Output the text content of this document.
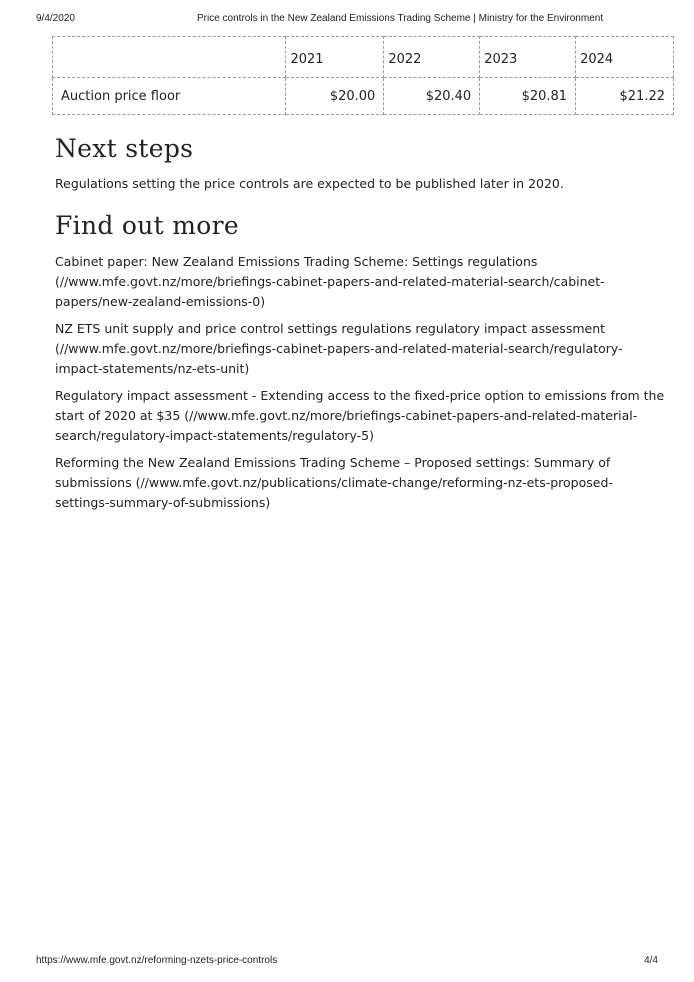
9/4/2020	Price controls in the New Zealand Emissions Trading Scheme | Ministry for the Environment
	2021	2022	2023	2024
Auction price floor	$20.00	$20.40	$20.81	$21.22
Next steps

Regulations setting the price controls are expected to be published later in 2020.

Find out more

Cabinet paper: New Zealand Emissions Trading Scheme: Settings regulations (//www.mfe.govt.nz/more/briefings-cabinet-papers-and-related-material-search/cabinet-papers/new-zealand-emissions-0)

NZ ETS unit supply and price control settings regulations regulatory impact assessment (//www.mfe.govt.nz/more/briefings-cabinet-papers-and-related-material-search/regulatory-impact-statements/nz-ets-unit)

Regulatory impact assessment - Extending access to the fixed-price option to emissions from the start of 2020 at $35 (//www.mfe.govt.nz/more/briefings-cabinet-papers-and-related-material-search/regulatory-impact-statements/regulatory-5)

Reforming the New Zealand Emissions Trading Scheme – Proposed settings: Summary of submissions (//www.mfe.govt.nz/publications/climate-change/reforming-nz-ets-proposed-settings-summary-of-submissions)

https://www.mfe.govt.nz/reforming-nzets-price-controls	4/4
